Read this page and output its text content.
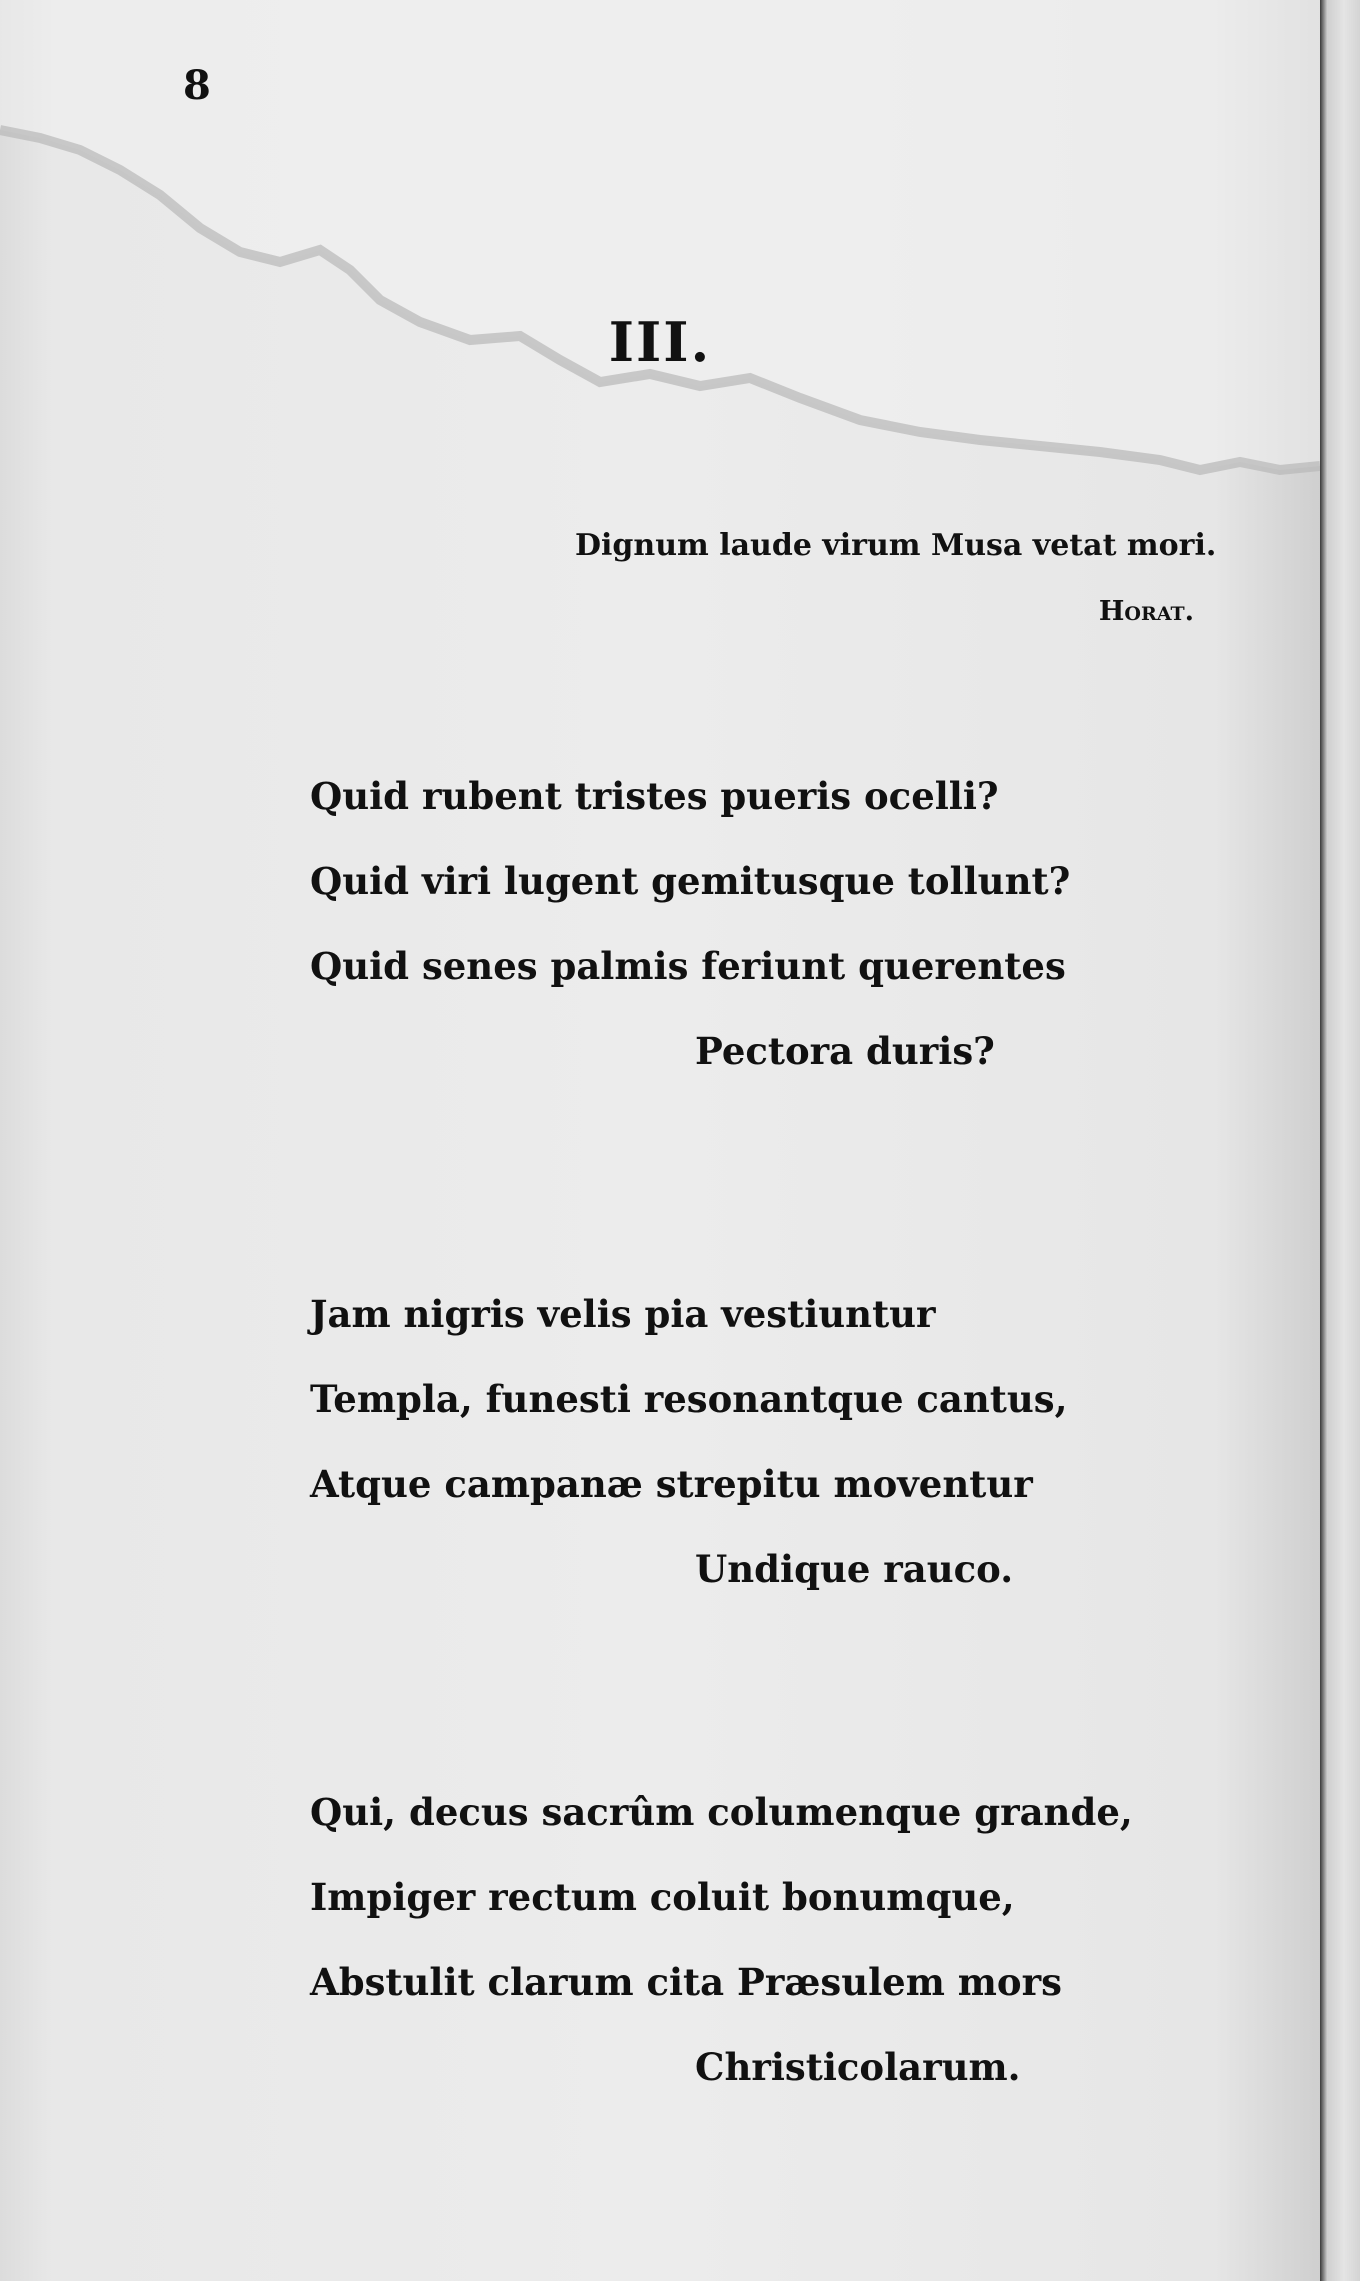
8

III.

Dignum laude virum Musa vetat mori.

Horat.

Quid rubent tristes pueris ocelli?
Quid viri lugent gemitusque tollunt?
Quid senes palmis feriunt querentes
Pectora duris?
Jam nigris velis pia vestiuntur
Templa, funesti resonantque cantus,
Atque campanæ strepitu moventur
Undique rauco.
Qui, decus sacrûm columenque grande,
Impiger rectum coluit bonumque,
Abstulit clarum cita Præsulem mors
Christicolarum.
